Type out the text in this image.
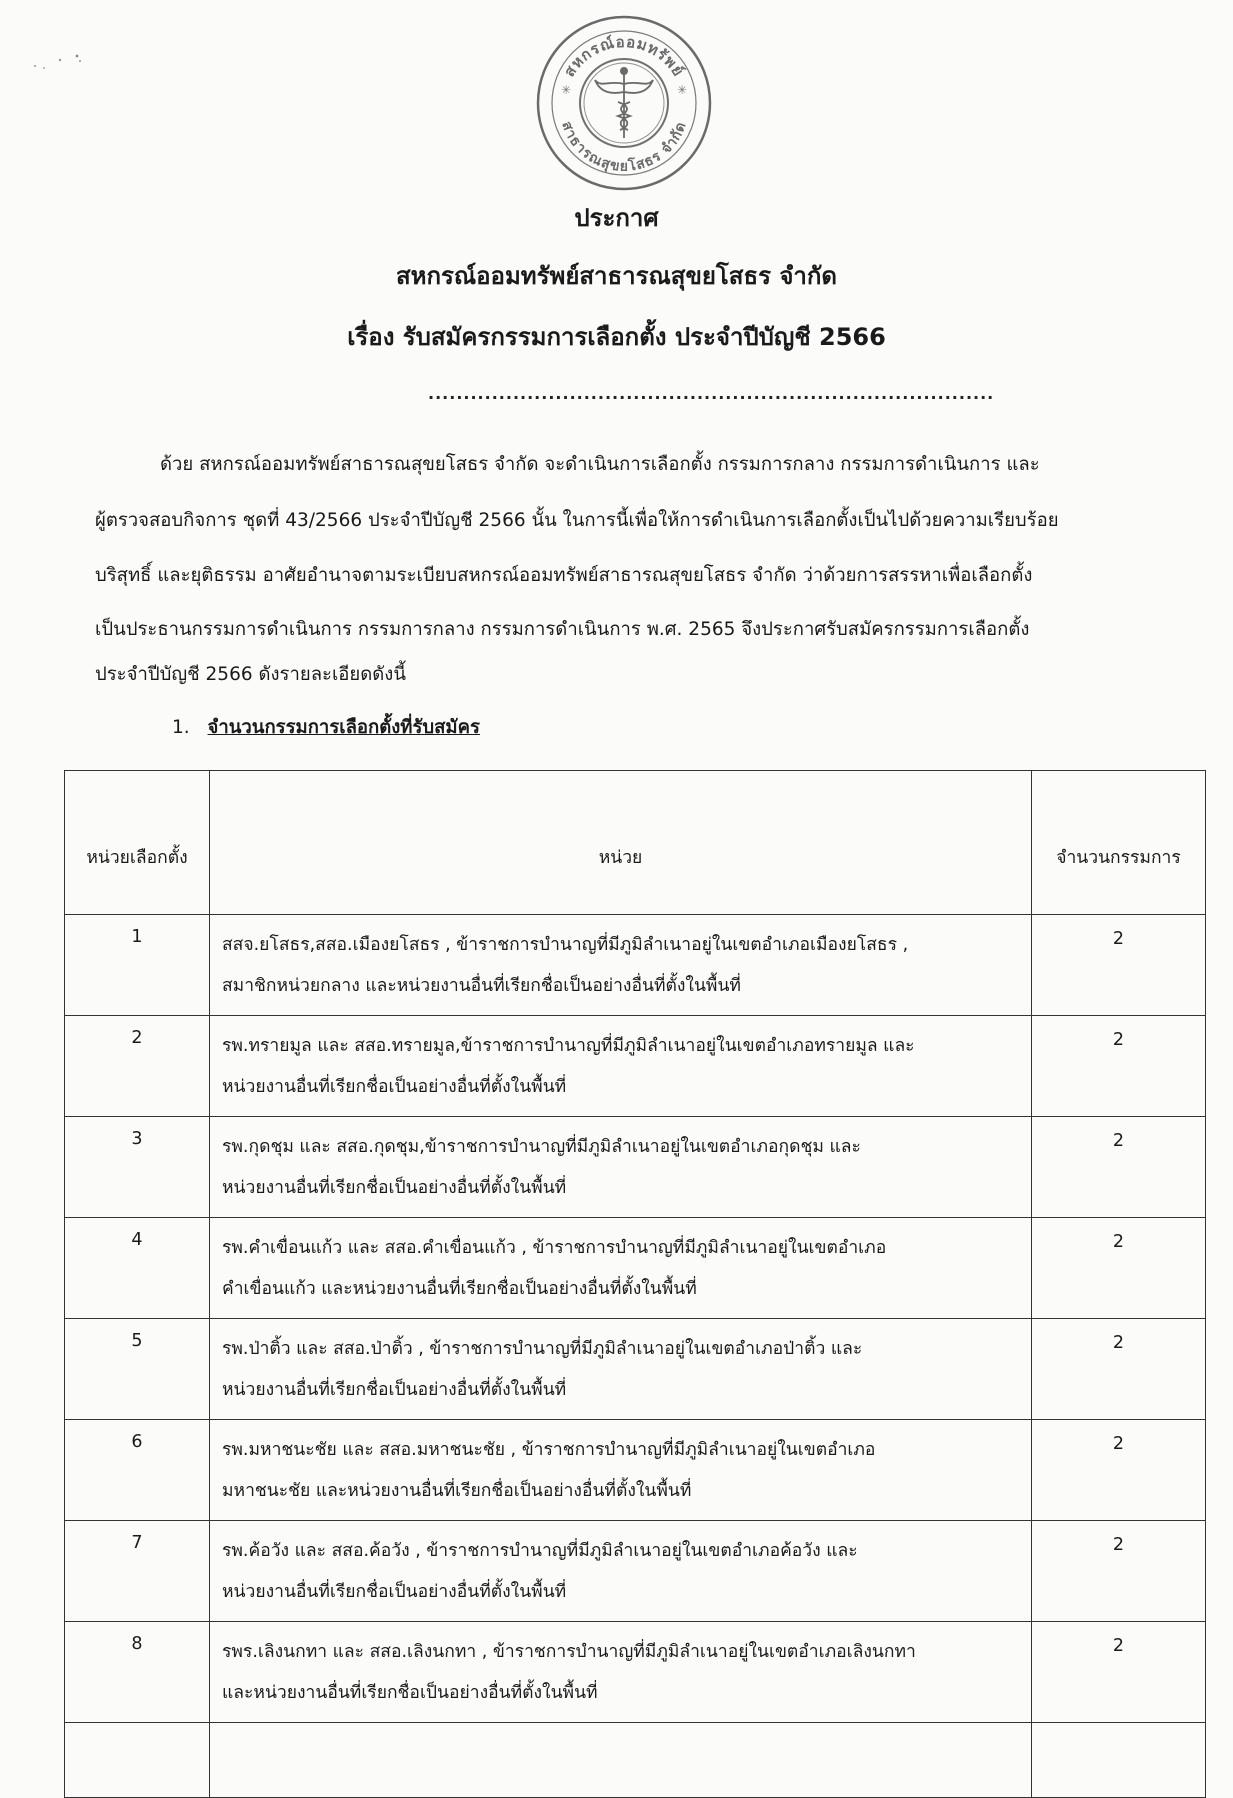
สหกรณ์ออมทรัพย์
สาธารณสุขยโสธร จำกัด
✳	✳
ประกาศ
สหกรณ์ออมทรัพย์สาธารณสุขยโสธร จำกัด
เรื่อง รับสมัครกรรมการเลือกตั้ง ประจำปีบัญชี 2566
................................................................................
ด้วย สหกรณ์ออมทรัพย์สาธารณสุขยโสธร จำกัด จะดำเนินการเลือกตั้ง กรรมการกลาง กรรมการดำเนินการ และ
ผู้ตรวจสอบกิจการ ชุดที่ 43/2566 ประจำปีบัญชี 2566 นั้น ในการนี้เพื่อให้การดำเนินการเลือกตั้งเป็นไปด้วยความเรียบร้อย
บริสุทธิ์ และยุติธรรม อาศัยอำนาจตามระเบียบสหกรณ์ออมทรัพย์สาธารณสุขยโสธร จำกัด ว่าด้วยการสรรหาเพื่อเลือกตั้ง
เป็นประธานกรรมการดำเนินการ กรรมการกลาง กรรมการดำเนินการ พ.ศ. 2565 จึงประกาศรับสมัครกรรมการเลือกตั้ง
ประจำปีบัญชี 2566 ดังรายละเอียดดังนี้
1. จำนวนกรรมการเลือกตั้งที่รับสมัคร
หน่วยเลือกตั้ง	หน่วย	จำนวนกรรมการ
1	สสจ.ยโสธร,สสอ.เมืองยโสธร , ข้าราชการบำนาญที่มีภูมิลำเนาอยู่ในเขตอำเภอเมืองยโสธร ,
สมาชิกหน่วยกลาง และหน่วยงานอื่นที่เรียกชื่อเป็นอย่างอื่นที่ตั้งในพื้นที่	2
2	รพ.ทรายมูล และ สสอ.ทรายมูล,ข้าราชการบำนาญที่มีภูมิลำเนาอยู่ในเขตอำเภอทรายมูล และ
หน่วยงานอื่นที่เรียกชื่อเป็นอย่างอื่นที่ตั้งในพื้นที่	2
3	รพ.กุดชุม และ สสอ.กุดชุม,ข้าราชการบำนาญที่มีภูมิลำเนาอยู่ในเขตอำเภอกุดชุม และ
หน่วยงานอื่นที่เรียกชื่อเป็นอย่างอื่นที่ตั้งในพื้นที่	2
4	รพ.คำเขื่อนแก้ว และ สสอ.คำเขื่อนแก้ว , ข้าราชการบำนาญที่มีภูมิลำเนาอยู่ในเขตอำเภอ
คำเขื่อนแก้ว และหน่วยงานอื่นที่เรียกชื่อเป็นอย่างอื่นที่ตั้งในพื้นที่	2
5	รพ.ป่าติ้ว และ สสอ.ป่าติ้ว , ข้าราชการบำนาญที่มีภูมิลำเนาอยู่ในเขตอำเภอป่าติ้ว และ
หน่วยงานอื่นที่เรียกชื่อเป็นอย่างอื่นที่ตั้งในพื้นที่	2
6	รพ.มหาชนะชัย และ สสอ.มหาชนะชัย , ข้าราชการบำนาญที่มีภูมิลำเนาอยู่ในเขตอำเภอ
มหาชนะชัย และหน่วยงานอื่นที่เรียกชื่อเป็นอย่างอื่นที่ตั้งในพื้นที่	2
7	รพ.ค้อวัง และ สสอ.ค้อวัง , ข้าราชการบำนาญที่มีภูมิลำเนาอยู่ในเขตอำเภอค้อวัง และ
หน่วยงานอื่นที่เรียกชื่อเป็นอย่างอื่นที่ตั้งในพื้นที่	2
8	รพร.เลิงนกทา และ สสอ.เลิงนกทา , ข้าราชการบำนาญที่มีภูมิลำเนาอยู่ในเขตอำเภอเลิงนกทา
และหน่วยงานอื่นที่เรียกชื่อเป็นอย่างอื่นที่ตั้งในพื้นที่	2
